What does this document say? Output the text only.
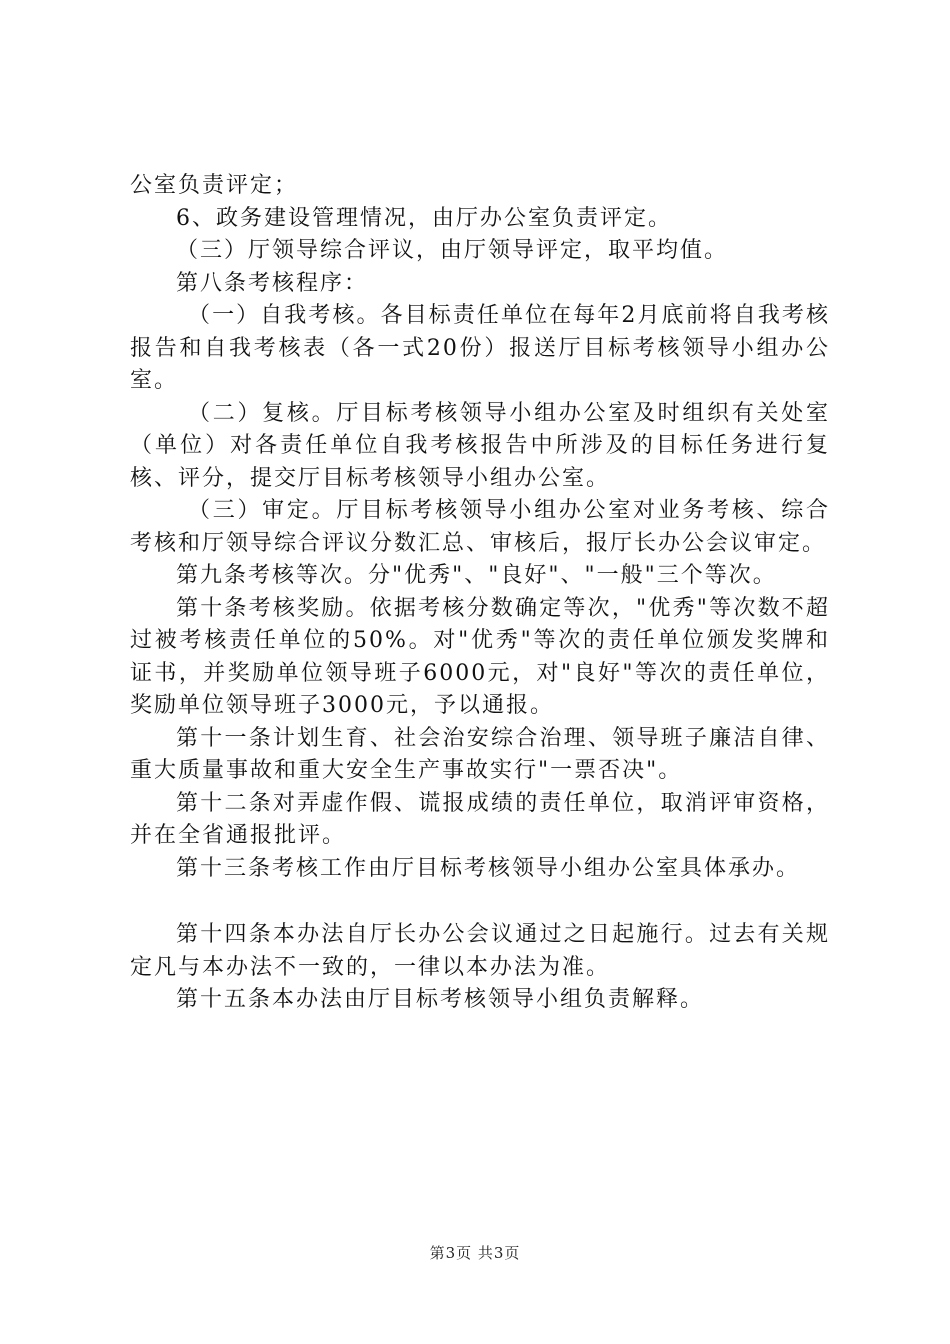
公室负责评定；

6、政务建设管理情况，由厅办公室负责评定。

（三）厅领导综合评议，由厅领导评定，取平均值。

第八条考核程序：

（一）自我考核。各目标责任单位在每年2月底前将自我考核报告和自我考核表（各一式20份）报送厅目标考核领导小组办公室。

（二）复核。厅目标考核领导小组办公室及时组织有关处室（单位）对各责任单位自我考核报告中所涉及的目标任务进行复核、评分，提交厅目标考核领导小组办公室。

（三）审定。厅目标考核领导小组办公室对业务考核、综合考核和厅领导综合评议分数汇总、审核后，报厅长办公会议审定。

第九条考核等次。分"优秀"、"良好"、"一般"三个等次。

第十条考核奖励。依据考核分数确定等次，"优秀"等次数不超过被考核责任单位的50%。对"优秀"等次的责任单位颁发奖牌和证书，并奖励单位领导班子6000元，对"良好"等次的责任单位，奖励单位领导班子3000元，予以通报。

第十一条计划生育、社会治安综合治理、领导班子廉洁自律、重大质量事故和重大安全生产事故实行"一票否决"。

第十二条对弄虚作假、谎报成绩的责任单位，取消评审资格，并在全省通报批评。

第十三条考核工作由厅目标考核领导小组办公室具体承办。

第十四条本办法自厅长办公会议通过之日起施行。过去有关规定凡与本办法不一致的，一律以本办法为准。

第十五条本办法由厅目标考核领导小组负责解释。

第3页 共3页
